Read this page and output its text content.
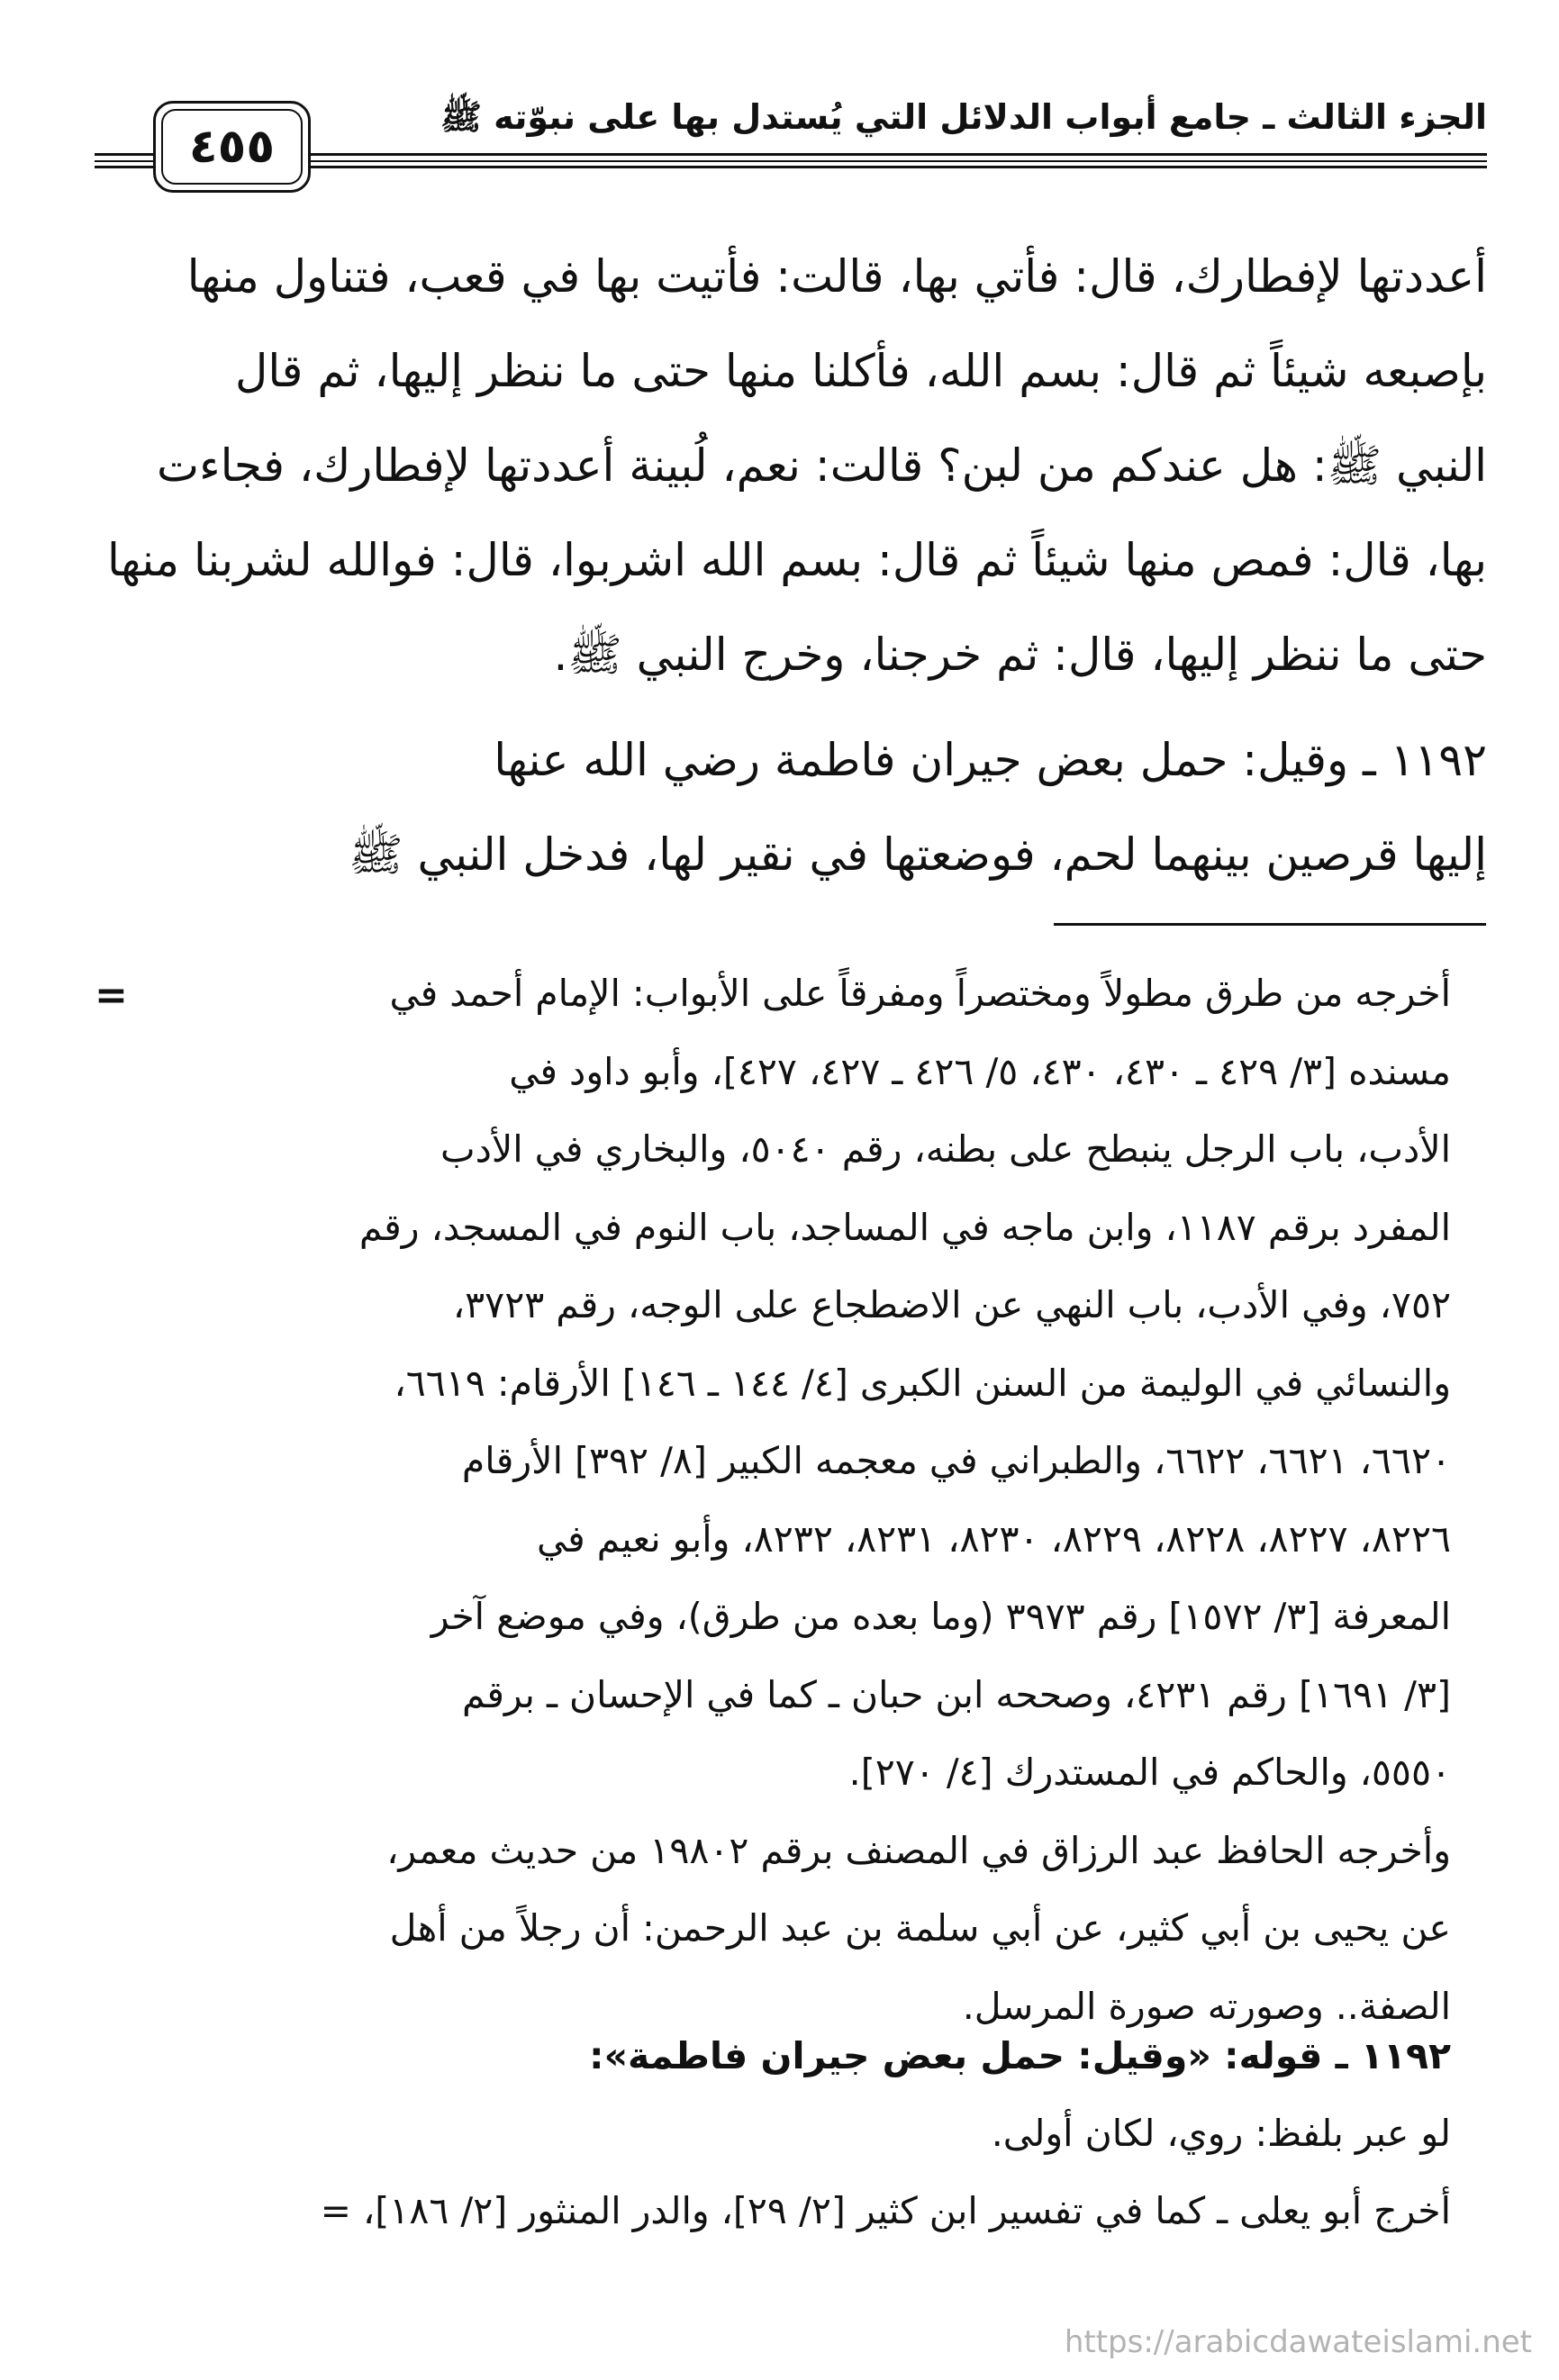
الجزء الثالث ـ جامع أبواب الدلائل التي يُستدل بها على نبوّته ﷺ
٤٥٥

أعددتها لإفطارك، قال: فأتي بها، قالت: فأتيت بها في قعب، فتناول منها

بإصبعه شيئاً ثم قال: بسم الله، فأكلنا منها حتى ما ننظر إليها، ثم قال

النبي ﷺ: هل عندكم من لبن؟ قالت: نعم، لُبينة أعددتها لإفطارك، فجاءت

بها، قال: فمص منها شيئاً ثم قال: بسم الله اشربوا، قال: فوالله لشربنا منها

حتى ما ننظر إليها، قال: ثم خرجنا، وخرج النبي ﷺ.

١١٩٢ ـ وقيل: حمل بعض جيران فاطمة رضي الله عنها

إليها قرصين بينهما لحم، فوضعتها في نقير لها، فدخل النبي ﷺ

=	أخرجه من طرق مطولاً ومختصراً ومفرقاً على الأبواب: الإمام أحمد في

مسنده [٣/ ٤٢٩ ـ ٤٣٠، ٤٣٠، ٥/ ٤٢٦ ـ ٤٢٧، ٤٢٧]، وأبو داود في

الأدب، باب الرجل ينبطح على بطنه، رقم ٥٠٤٠، والبخاري في الأدب

المفرد برقم ١١٨٧، وابن ماجه في المساجد، باب النوم في المسجد، رقم

٧٥٢، وفي الأدب، باب النهي عن الاضطجاع على الوجه، رقم ٣٧٢٣،

والنسائي في الوليمة من السنن الكبرى [٤/ ١٤٤ ـ ١٤٦] الأرقام: ٦٦١٩،

٦٦٢٠، ٦٦٢١، ٦٦٢٢، والطبراني في معجمه الكبير [٨/ ٣٩٢] الأرقام

٨٢٢٦، ٨٢٢٧، ٨٢٢٨، ٨٢٢٩، ٨٢٣٠، ٨٢٣١، ٨٢٣٢، وأبو نعيم في

المعرفة [٣/ ١٥٧٢] رقم ٣٩٧٣ (وما بعده من طرق)، وفي موضع آخر

[٣/ ١٦٩١] رقم ٤٢٣١، وصححه ابن حبان ـ كما في الإحسان ـ برقم

٥٥٥٠، والحاكم في المستدرك [٤/ ٢٧٠].

وأخرجه الحافظ عبد الرزاق في المصنف برقم ١٩٨٠٢ من حديث معمر،

عن يحيى بن أبي كثير، عن أبي سلمة بن عبد الرحمن: أن رجلاً من أهل

الصفة.. وصورته صورة المرسل.

١١٩٢ ـ قوله: «وقيل: حمل بعض جيران فاطمة»:

لو عبر بلفظ: روي، لكان أولى.

أخرج أبو يعلى ـ كما في تفسير ابن كثير [٢/ ٢٩]، والدر المنثور [٢/ ١٨٦]، =

https://arabicdawateislami.net
